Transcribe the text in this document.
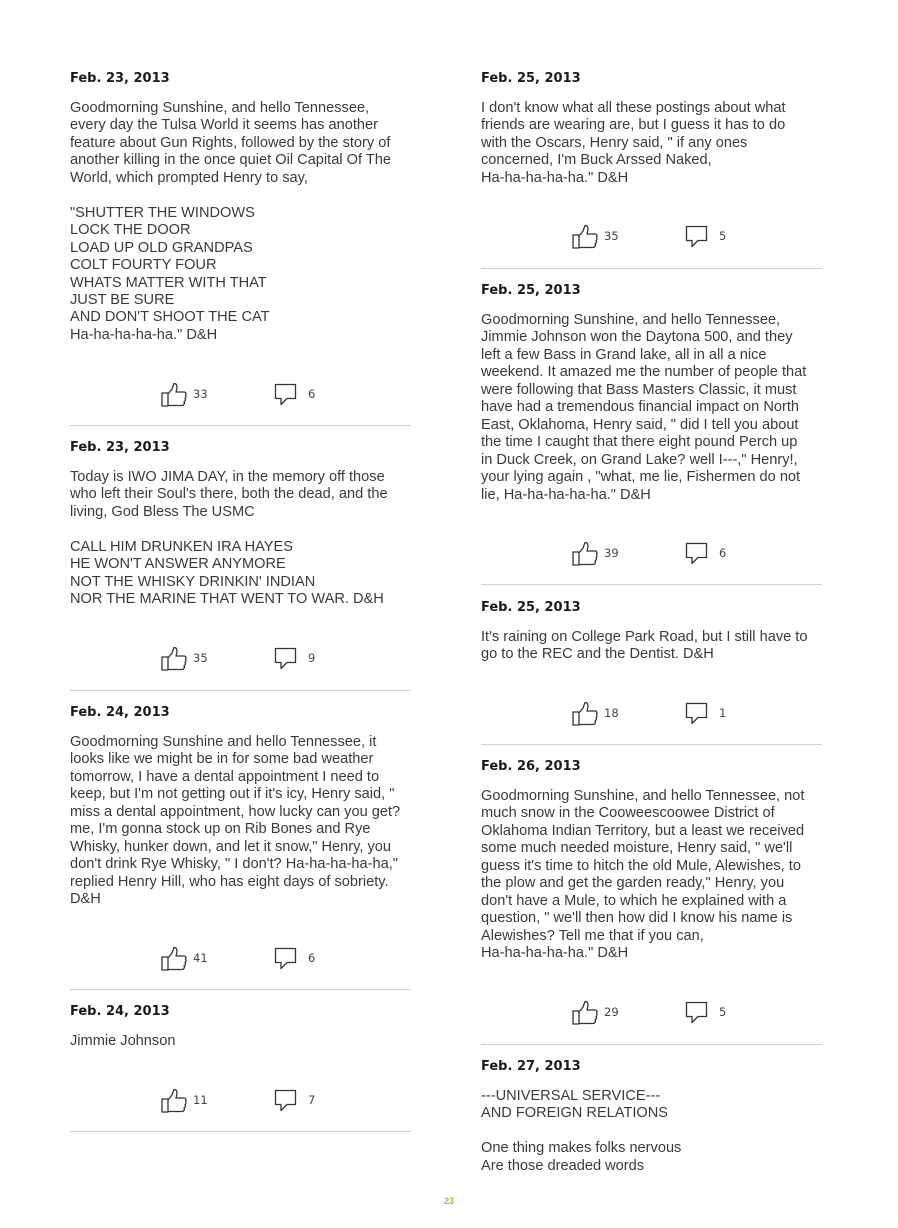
Feb. 23, 2013

Goodmorning Sunshine, and hello Tennessee,
every day the Tulsa World it seems has another
feature about Gun Rights, followed by the story of
another killing in the once quiet Oil Capital Of The
World, which prompted Henry to say,

"SHUTTER THE WINDOWS
LOCK THE DOOR
LOAD UP OLD GRANDPAS
COLT FOURTY FOUR
WHATS MATTER WITH THAT
JUST BE SURE
AND DON'T SHOOT THE CAT
Ha-ha-ha-ha-ha." D&H
33	6

Feb. 23, 2013

Today is IWO JIMA DAY, in the memory off those
who left their Soul's there, both the dead, and the
living, God Bless The USMC

CALL HIM DRUNKEN IRA HAYES
HE WON'T ANSWER ANYMORE
NOT THE WHISKY DRINKIN' INDIAN
NOR THE MARINE THAT WENT TO WAR. D&H
35	9

Feb. 24, 2013

Goodmorning Sunshine and hello Tennessee, it
looks like we might be in for some bad weather
tomorrow, I have a dental appointment I need to
keep, but I'm not getting out if it's icy, Henry said, "
miss a dental appointment, how lucky can you get?
me, I'm gonna stock up on Rib Bones and Rye
Whisky, hunker down, and let it snow," Henry, you
don't drink Rye Whisky, " I don't? Ha-ha-ha-ha-ha,"
replied Henry Hill, who has eight days of sobriety.
D&H
41	6

Feb. 24, 2013

Jimmie Johnson
11	7

Feb. 25, 2013

I don't know what all these postings about what
friends are wearing are, but I guess it has to do
with the Oscars, Henry said, " if any ones
concerned, I'm Buck Arssed Naked,
Ha-ha-ha-ha-ha." D&H
35	5

Feb. 25, 2013

Goodmorning Sunshine, and hello Tennessee,
Jimmie Johnson won the Daytona 500, and they
left a few Bass in Grand lake, all in all a nice
weekend. It amazed me the number of people that
were following that Bass Masters Classic, it must
have had a tremendous financial impact on North
East, Oklahoma, Henry said, " did I tell you about
the time I caught that there eight pound Perch up
in Duck Creek, on Grand Lake? well I---," Henry!,
your lying again , "what, me lie, Fishermen do not
lie, Ha-ha-ha-ha-ha." D&H
39	6

Feb. 25, 2013

It's raining on College Park Road, but I still have to
go to the REC and the Dentist. D&H
18	1

Feb. 26, 2013

Goodmorning Sunshine, and hello Tennessee, not
much snow in the Cooweescoowee District of
Oklahoma Indian Territory, but a least we received
some much needed moisture, Henry said, " we'll
guess it's time to hitch the old Mule, Alewishes, to
the plow and get the garden ready," Henry, you
don't have a Mule, to which he explained with a
question, " we'll then how did I know his name is
Alewishes? Tell me that if you can,
Ha-ha-ha-ha-ha." D&H
29	5

Feb. 27, 2013

---UNIVERSAL SERVICE---
AND FOREIGN RELATIONS

One thing makes folks nervous
Are those dreaded words
23
